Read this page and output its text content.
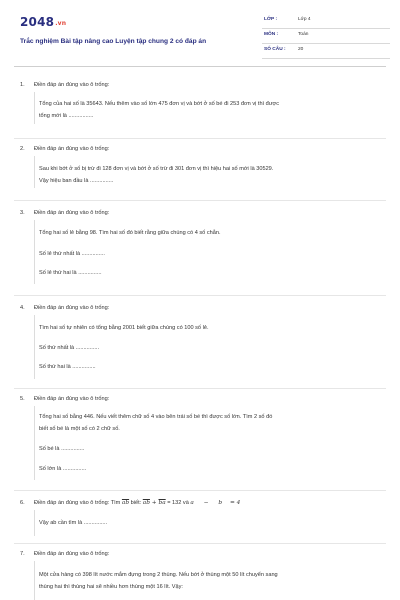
2048.vn
Trắc nghiệm Bài tập nâng cao Luyện tập chung 2 có đáp án
LỚP :	Lớp 4
MÔN :	Toán
SỐ CÂU :	20
1. Điền đáp án đúng vào ô trống:
Tổng của hai số là 35643. Nếu thêm vào số lớn 475 đơn vị và bớt ở số bé đi 253 đơn vị thì được
tổng mới là ................
2. Điền đáp án đúng vào ô trống:
Sau khi bớt ở số bị trừ đi 128 đơn vị và bớt ở số trừ đi 301 đơn vị thì hiệu hai số mới là 30529.
Vậy hiệu ban đầu là ...............
3. Điền đáp án đúng vào ô trống:
Tổng hai số lẻ bằng 98. Tìm hai số đó biết rằng giữa chúng có 4 số chẵn.
Số lẻ thứ nhất là ...............
Số lẻ thứ hai là ...............
4. Điền đáp án đúng vào ô trống:
Tìm hai số tự nhiên có tổng bằng 2001 biết giữa chúng có 100 số lẻ.
Số thứ nhất là ...............
Số thứ hai là ...............
5. Điền đáp án đúng vào ô trống:
Tổng hai số bằng 446. Nếu viết thêm chữ số 4 vào bên trái số bé thì được số lớn. Tìm 2 số đó
biết số bé là một số có 2 chữ số.
Số bé là ...............
Số lớn là ...............
6. Điền đáp án đúng vào ô trống: Tìm $\overline{ab}$ biết: $\overline{ab} + \overline{ba} = 132$ và a − b = 4
Vậy ab cần tìm là ...............
7. Điền đáp án đúng vào ô trống:
Một cửa hàng có 398 lít nước mắm đựng trong 2 thùng. Nếu bớt ở thùng một 50 lít chuyển sang
thùng hai thì thùng hai sẽ nhiều hơn thùng một 16 lít. Vậy:
